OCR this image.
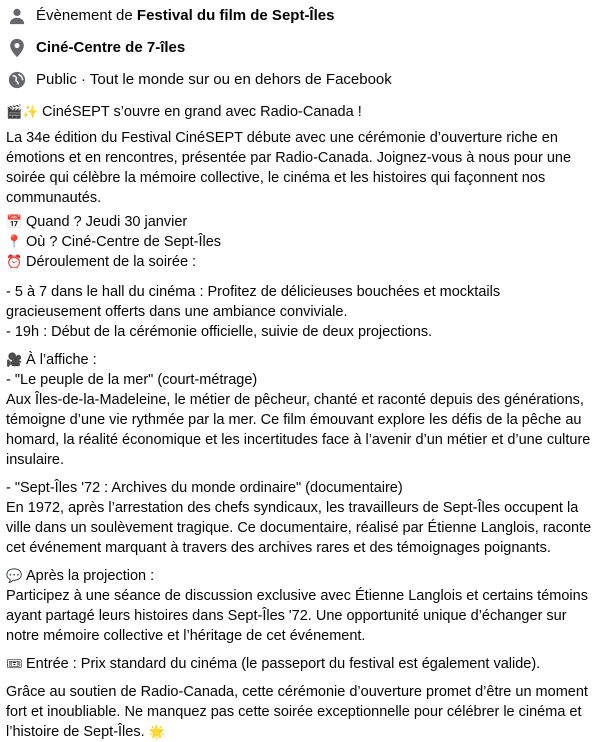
Évènement de Festival du film de Sept-Îles
Ciné-Centre de 7-îles
Public · Tout le monde sur ou en dehors de Facebook

🎬✨ CinéSEPT s’ouvre en grand avec Radio-Canada !

La 34e édition du Festival CinéSEPT débute avec une cérémonie d’ouverture riche en émotions et en rencontres, présentée par Radio-Canada. Joignez-vous à nous pour une soirée qui célèbre la mémoire collective, le cinéma et les histoires qui façonnent nos communautés.

📅 Quand ? Jeudi 30 janvier

📍 Où ? Ciné-Centre de Sept-Îles

⏰ Déroulement de la soirée :

- 5 à 7 dans le hall du cinéma : Profitez de délicieuses bouchées et mocktails gracieusement offerts dans une ambiance conviviale.

- 19h : Début de la cérémonie officielle, suivie de deux projections.

🎥 À l’affiche :

- "Le peuple de la mer" (court-métrage)

Aux Îles-de-la-Madeleine, le métier de pêcheur, chanté et raconté depuis des générations, témoigne d’une vie rythmée par la mer. Ce film émouvant explore les défis de la pêche au homard, la réalité économique et les incertitudes face à l’avenir d’un métier et d’une culture insulaire.

- "Sept-Îles '72 : Archives du monde ordinaire" (documentaire)

En 1972, après l’arrestation des chefs syndicaux, les travailleurs de Sept-Îles occupent la ville dans un soulèvement tragique. Ce documentaire, réalisé par Étienne Langlois, raconte cet événement marquant à travers des archives rares et des témoignages poignants.

💬 Après la projection :

Participez à une séance de discussion exclusive avec Étienne Langlois et certains témoins ayant partagé leurs histoires dans Sept-Îles '72. Une opportunité unique d’échanger sur notre mémoire collective et l’héritage de cet événement.

🎟 Entrée : Prix standard du cinéma (le passeport du festival est également valide).

Grâce au soutien de Radio-Canada, cette cérémonie d’ouverture promet d’être un moment fort et inoubliable. Ne manquez pas cette soirée exceptionnelle pour célébrer le cinéma et l’histoire de Sept-Îles. 🌟
